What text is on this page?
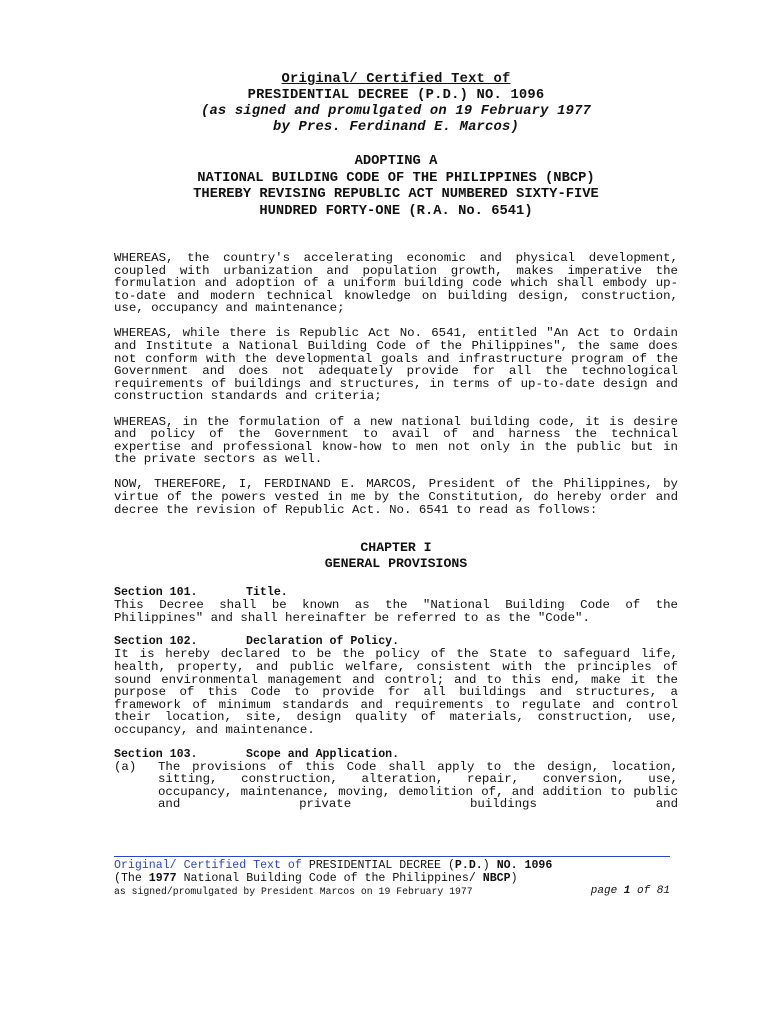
Original/ Certified Text of
PRESIDENTIAL DECREE (P.D.) NO. 1096
(as signed and promulgated on 19 February 1977
by Pres. Ferdinand E. Marcos)
ADOPTING A
NATIONAL BUILDING CODE OF THE PHILIPPINES (NBCP)
THEREBY REVISING REPUBLIC ACT NUMBERED SIXTY-FIVE
HUNDRED FORTY-ONE (R.A. No. 6541)
WHEREAS, the country's accelerating economic and physical development, coupled with urbanization and population growth, makes imperative the formulation and adoption of a uniform building code which shall embody up-to-date and modern technical knowledge on building design, construction, use, occupancy and maintenance;
WHEREAS, while there is Republic Act No. 6541, entitled "An Act to Ordain and Institute a National Building Code of the Philippines", the same does not conform with the developmental goals and infrastructure program of the Government and does not adequately provide for all the technological requirements of buildings and structures, in terms of up-to-date design and construction standards and criteria;
WHEREAS, in the formulation of a new national building code, it is desire and policy of the Government to avail of and harness the technical expertise and professional know-how to men not only in the public but in the private sectors as well.
NOW, THEREFORE, I, FERDINAND E. MARCOS, President of the Philippines, by virtue of the powers vested in me by the Constitution, do hereby order and decree the revision of Republic Act. No. 6541 to read as follows:
CHAPTER I
GENERAL PROVISIONS
Section 101.	Title.
This Decree shall be known as the "National Building Code of the Philippines" and shall hereinafter be referred to as the "Code".
Section 102.	Declaration of Policy.
It is hereby declared to be the policy of the State to safeguard life, health, property, and public welfare, consistent with the principles of sound environmental management and control; and to this end, make it the purpose of this Code to provide for all buildings and structures, a framework of minimum standards and requirements to regulate and control their location, site, design quality of materials, construction, use, occupancy, and maintenance.
Section 103.	Scope and Application.
(a)	The provisions of this Code shall apply to the design, location, sitting, construction, alteration, repair, conversion, use, occupancy, maintenance, moving, demolition of, and addition to public and private buildings and
Original/ Certified Text of PRESIDENTIAL DECREE (P.D.) NO. 1096
(The 1977 National Building Code of the Philippines/ NBCP)
as signed/promulgated by President Marcos on 19 February 1977	page 1 of 81
